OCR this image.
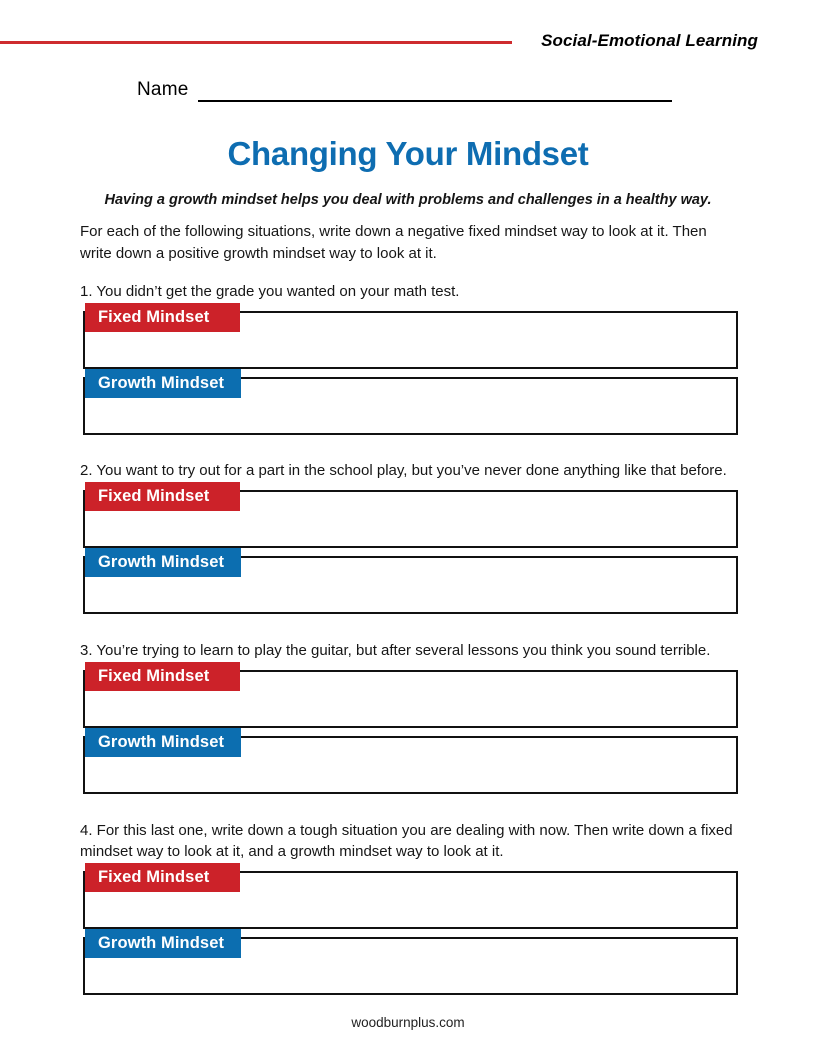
Social-Emotional Learning
Name
Changing Your Mindset
Having a growth mindset helps you deal with problems and challenges in a healthy way.
For each of the following situations, write down a negative fixed mindset way to look at it. Then write down a positive growth mindset way to look at it.

1. You didn’t get the grade you wanted on your math test.

Fixed Mindset
Growth Mindset

2. You want to try out for a part in the school play, but you’ve never done anything like that before.

Fixed Mindset
Growth Mindset

3. You’re trying to learn to play the guitar, but after several lessons you think you sound terrible.

Fixed Mindset
Growth Mindset

4. For this last one, write down a tough situation you are dealing with now. Then write down a fixed mindset way to look at it, and a growth mindset way to look at it.

Fixed Mindset
Growth Mindset
woodburnplus.com
